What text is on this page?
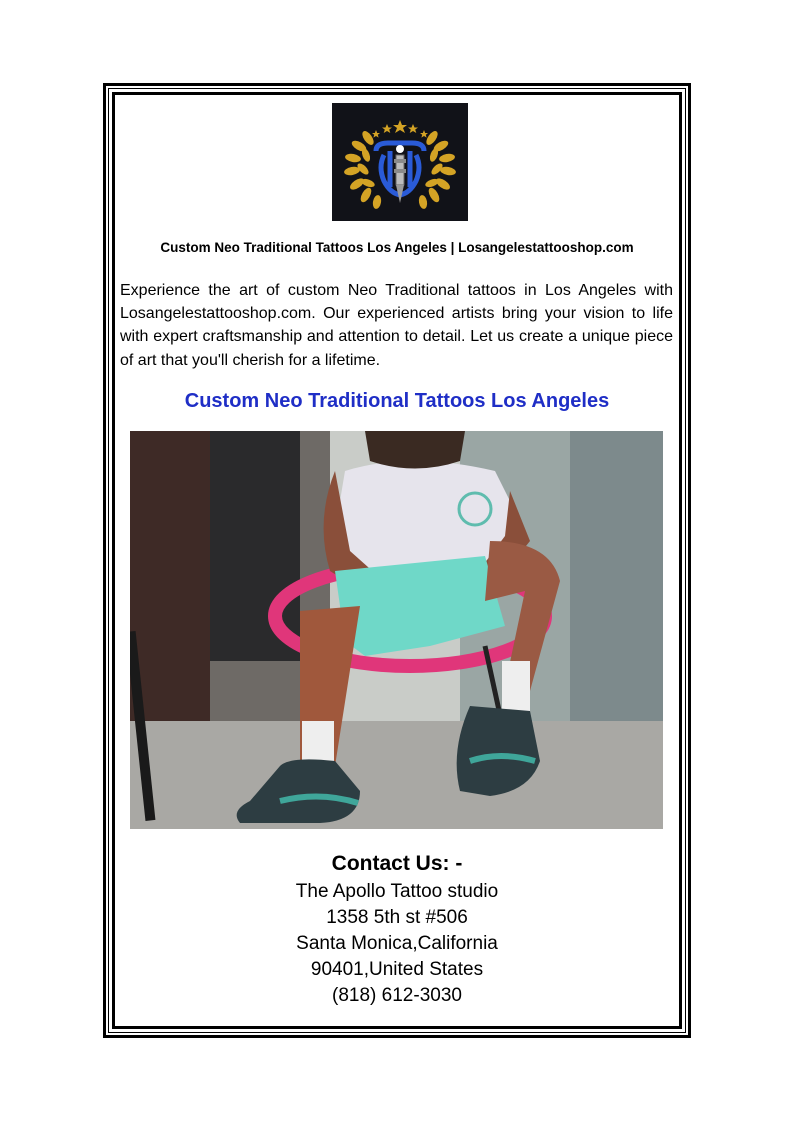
Custom Neo Traditional Tattoos Los Angeles | Losangelestattooshop.com
Experience the art of custom Neo Traditional tattoos in Los Angeles with Losangelestattooshop.com. Our experienced artists bring your vision to life with expert craftsmanship and attention to detail. Let us create a unique piece of art that you'll cherish for a lifetime.
Custom Neo Traditional Tattoos Los Angeles
Contact Us: -
The Apollo Tattoo studio
1358 5th st #506
Santa Monica,California
90401,United States
(818) 612-3030
